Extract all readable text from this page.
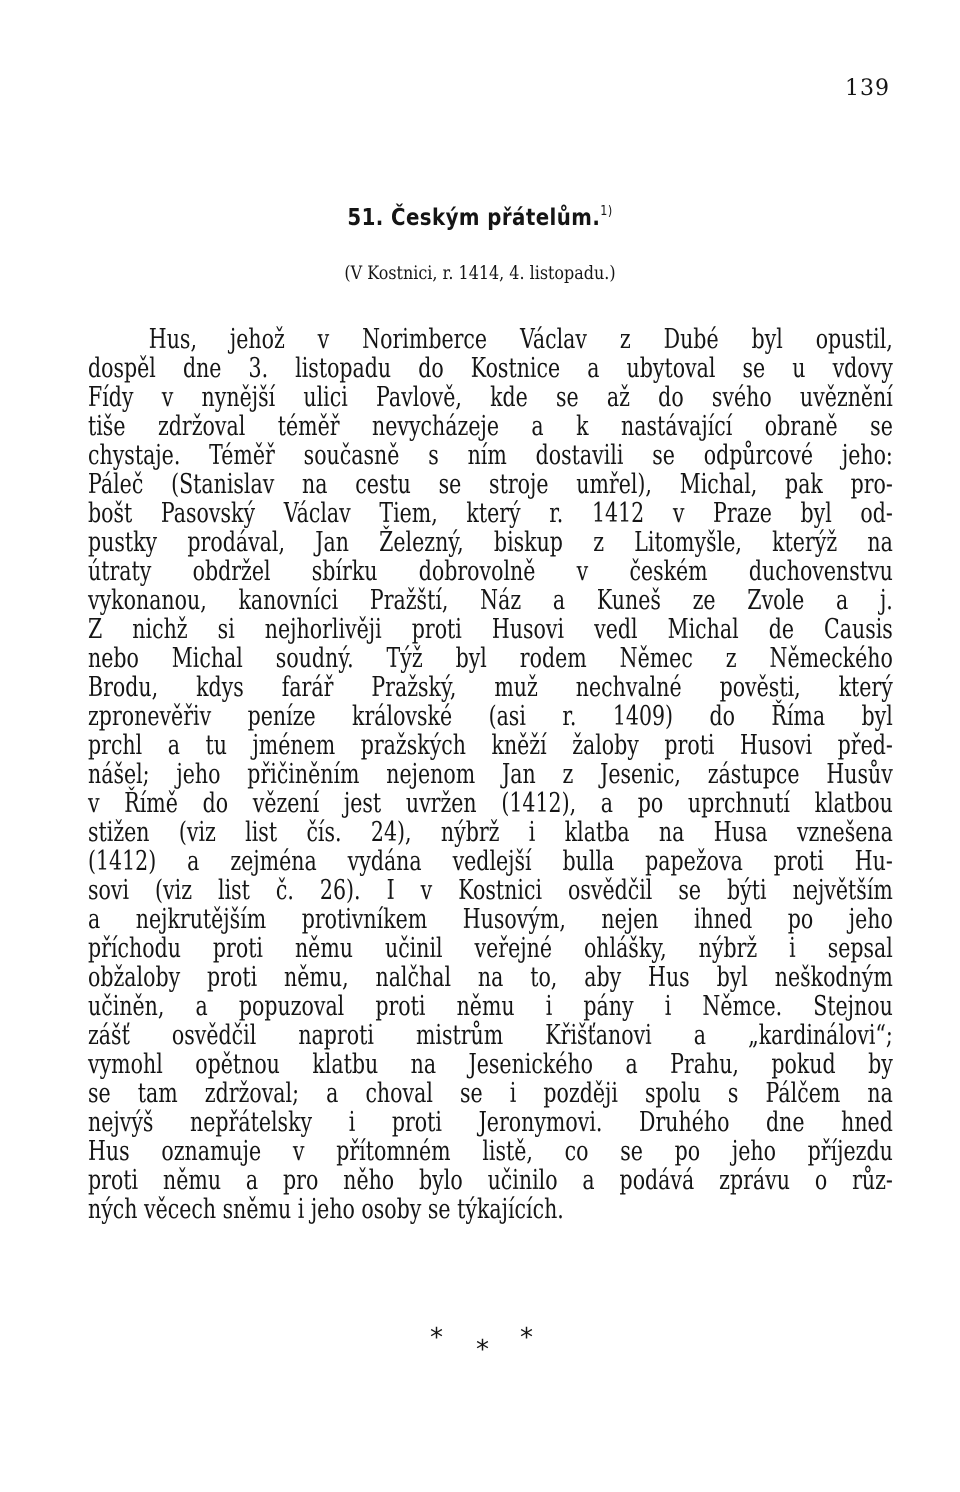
139
51. Českým přátelům.$^{1)}$
(V Kostnici, r. 1414, 4. listopadu.)
Hus, jehož v Norimberce Václav z Dubé byl opustil,
dospěl dne 3. listopadu do Kostnice a ubytoval se u vdovy
Fídy v nynější ulici Pavlově, kde se až do svého uvěznění
tiše zdržoval téměř nevycházeje a k nastávající obraně se
chystaje. Téměř současně s ním dostavili se odpůrcové jeho:
Páleč (Stanislav na cestu se stroje umřel), Michal, pak pro-
bošt Pasovský Václav Tiem, který r. 1412 v Praze byl od-
pustky prodával, Jan Železný, biskup z Litomyšle, kterýž na
útraty obdržel sbírku dobrovolně v českém duchovenstvu
vykonanou, kanovníci Pražští, Náz a Kuneš ze Zvole a j.
Z nichž si nejhorlivěji proti Husovi vedl Michal de Causis
nebo Michal soudný. Týž byl rodem Němec z Německého
Brodu, kdys farář Pražský, muž nechvalné pověsti, který
zpronevěřiv peníze královské (asi r. 1409) do Říma byl
prchl a tu jménem pražských kněží žaloby proti Husovi před-
nášel; jeho přičiněním nejenom Jan z Jesenic, zástupce Husův
v Římě do vězení jest uvržen (1412), a po uprchnutí klatbou
stižen (viz list čís. 24), nýbrž i klatba na Husa vznešena
(1412) a zejména vydána vedlejší bulla papežova proti Hu-
sovi (viz list č. 26). I v Kostnici osvědčil se býti největším
a nejkrutějším protivníkem Husovým, nejen ihned po jeho
příchodu proti němu učinil veřejné ohlášky, nýbrž i sepsal
obžaloby proti němu, nalčhal na to, aby Hus byl neškodným
učiněn, a popuzoval proti němu i pány i Němce. Stejnou
zášť osvědčil naproti mistrům Křišťanovi a „kardinálovi“;
vymohl opětnou klatbu na Jesenického a Prahu, pokud by
se tam zdržoval; a choval se i později spolu s Pálčem na
nejvýš nepřátelsky i proti Jeronymovi. Druhého dne hned
Hus oznamuje v přítomném listě, co se po jeho příjezdu
proti němu a pro něho bylo učinilo a podává zprávu o růz-
ných věcech sněmu i jeho osoby se týkajících.
*	*
*
